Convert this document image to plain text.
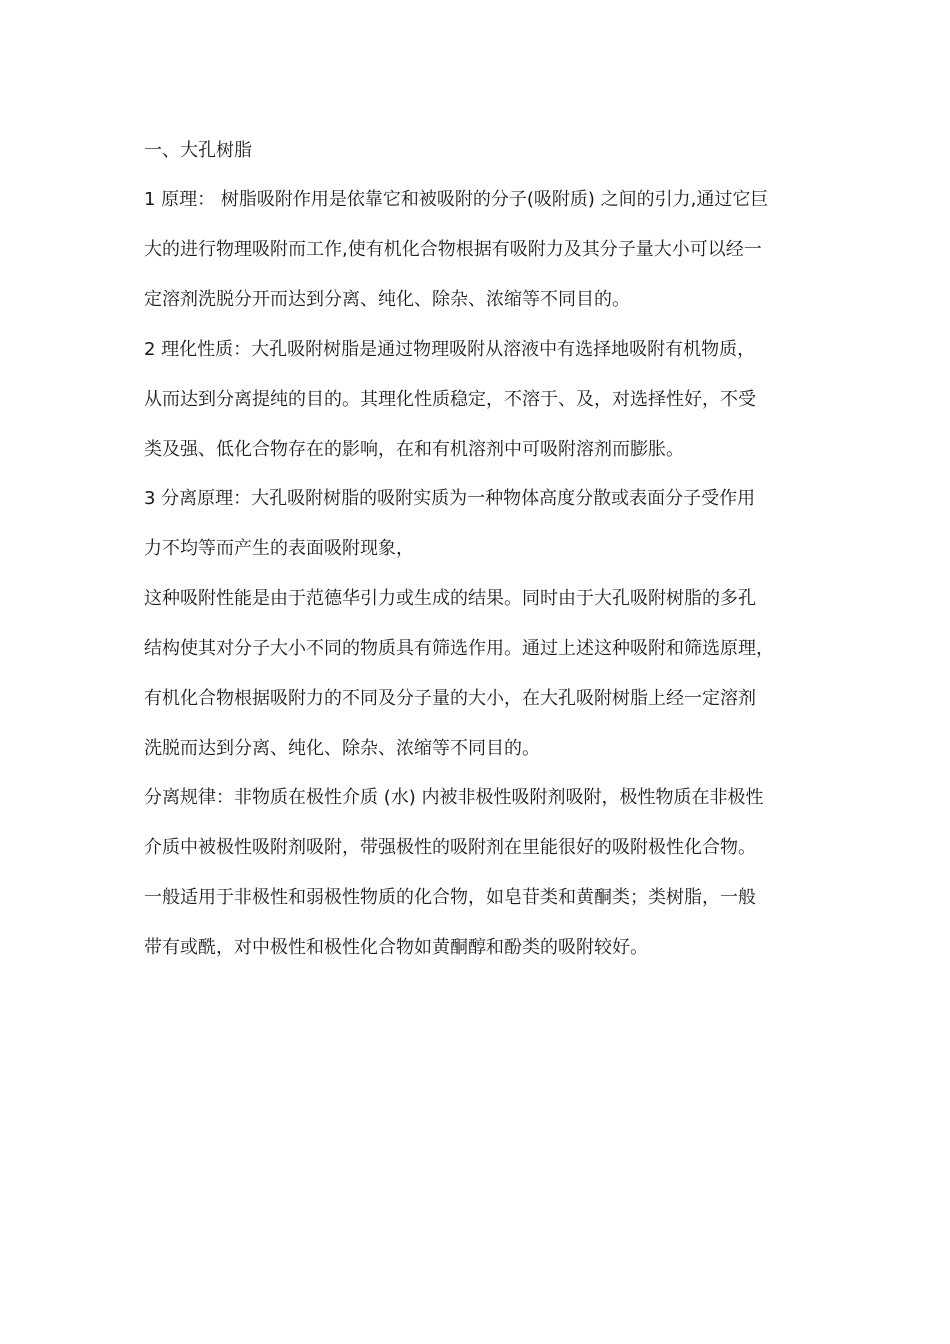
一、大孔树脂
1 原理： 树脂吸附作用是依靠它和被吸附的分子(吸附质) 之间的引力,通过它巨
大的进行物理吸附而工作,使有机化合物根据有吸附力及其分子量大小可以经一
定溶剂洗脱分开而达到分离、纯化、除杂、浓缩等不同目的。
2 理化性质：大孔吸附树脂是通过物理吸附从溶液中有选择地吸附有机物质，
从而达到分离提纯的目的。其理化性质稳定，不溶于、及，对选择性好，不受
类及强、低化合物存在的影响，在和有机溶剂中可吸附溶剂而膨胀。
3 分离原理：大孔吸附树脂的吸附实质为一种物体高度分散或表面分子受作用
力不均等而产生的表面吸附现象，
这种吸附性能是由于范德华引力或生成的结果。同时由于大孔吸附树脂的多孔
结构使其对分子大小不同的物质具有筛选作用。通过上述这种吸附和筛选原理，
有机化合物根据吸附力的不同及分子量的大小，在大孔吸附树脂上经一定溶剂
洗脱而达到分离、纯化、除杂、浓缩等不同目的。
分离规律：非物质在极性介质 (水) 内被非极性吸附剂吸附，极性物质在非极性
介质中被极性吸附剂吸附，带强极性的吸附剂在里能很好的吸附极性化合物。
一般适用于非极性和弱极性物质的化合物，如皂苷类和黄酮类；类树脂，一般
带有或酰，对中极性和极性化合物如黄酮醇和酚类的吸附较好。
